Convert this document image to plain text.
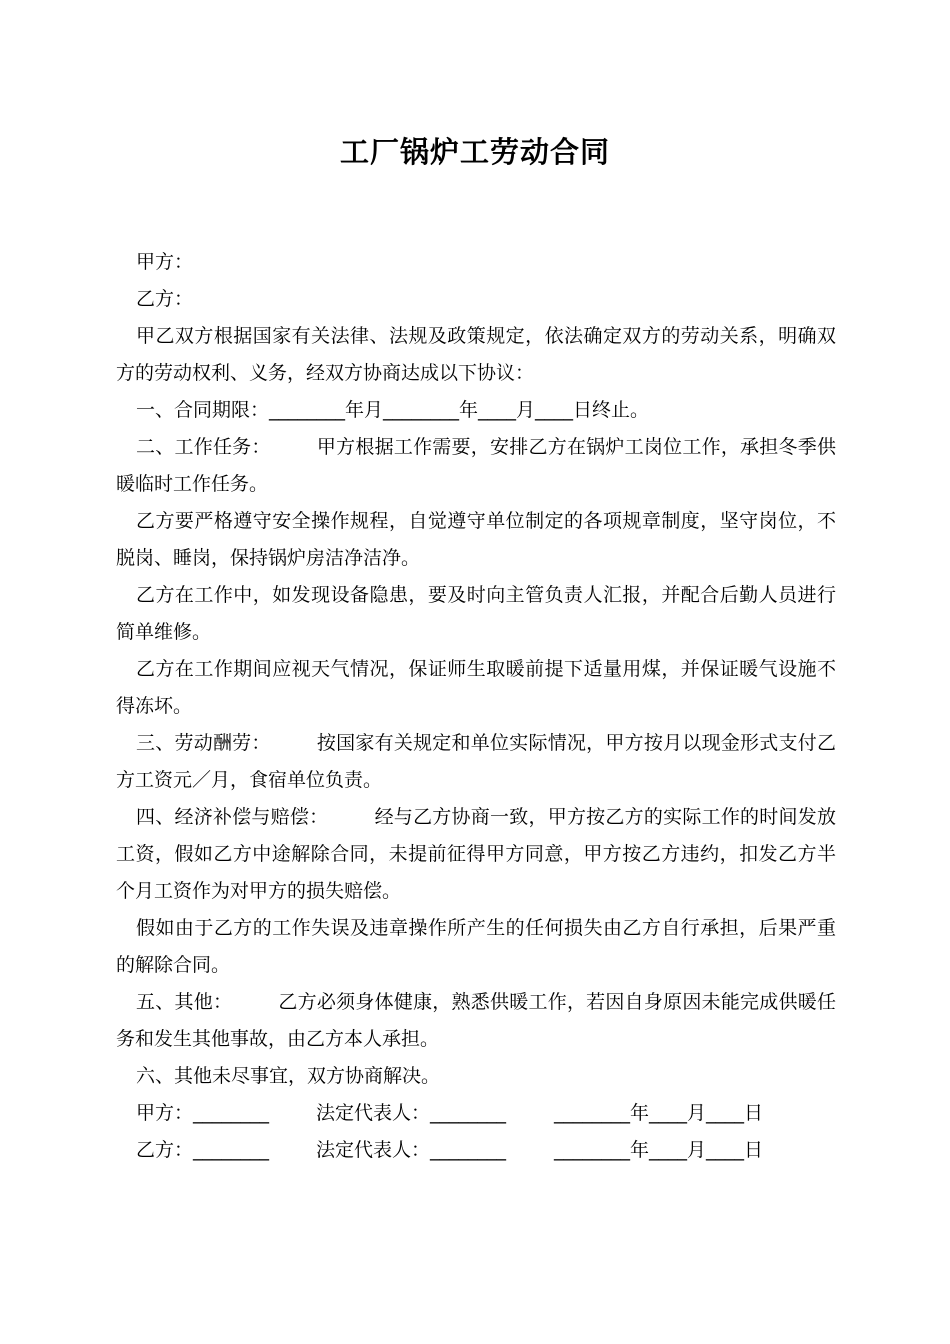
工厂锅炉工劳动合同

甲方：

乙方：

甲乙双方根据国家有关法律、法规及政策规定，依法确定双方的劳动关系，明确双方的劳动权利、义务，经双方协商达成以下协议：

一、合同期限：________年月________年____月____日终止。

二、工作任务： 甲方根据工作需要，安排乙方在锅炉工岗位工作，承担冬季供暖临时工作任务。

乙方要严格遵守安全操作规程，自觉遵守单位制定的各项规章制度，坚守岗位，不脱岗、睡岗，保持锅炉房洁净洁净。

乙方在工作中，如发现设备隐患，要及时向主管负责人汇报，并配合后勤人员进行简单维修。

乙方在工作期间应视天气情况，保证师生取暖前提下适量用煤，并保证暖气设施不得冻坏。

三、劳动酬劳： 按国家有关规定和单位实际情况，甲方按月以现金形式支付乙方工资元／月，食宿单位负责。

四、经济补偿与赔偿： 经与乙方协商一致，甲方按乙方的实际工作的时间发放工资，假如乙方中途解除合同，未提前征得甲方同意，甲方按乙方违约，扣发乙方半个月工资作为对甲方的损失赔偿。

假如由于乙方的工作失误及违章操作所产生的任何损失由乙方自行承担，后果严重的解除合同。

五、其他： 乙方必须身体健康，熟悉供暖工作，若因自身原因未能完成供暖任务和发生其他事故，由乙方本人承担。

六、其他未尽事宜，双方协商解决。

甲方：________ 法定代表人：________	________年____月____日

乙方：________ 法定代表人：________	________年____月____日
